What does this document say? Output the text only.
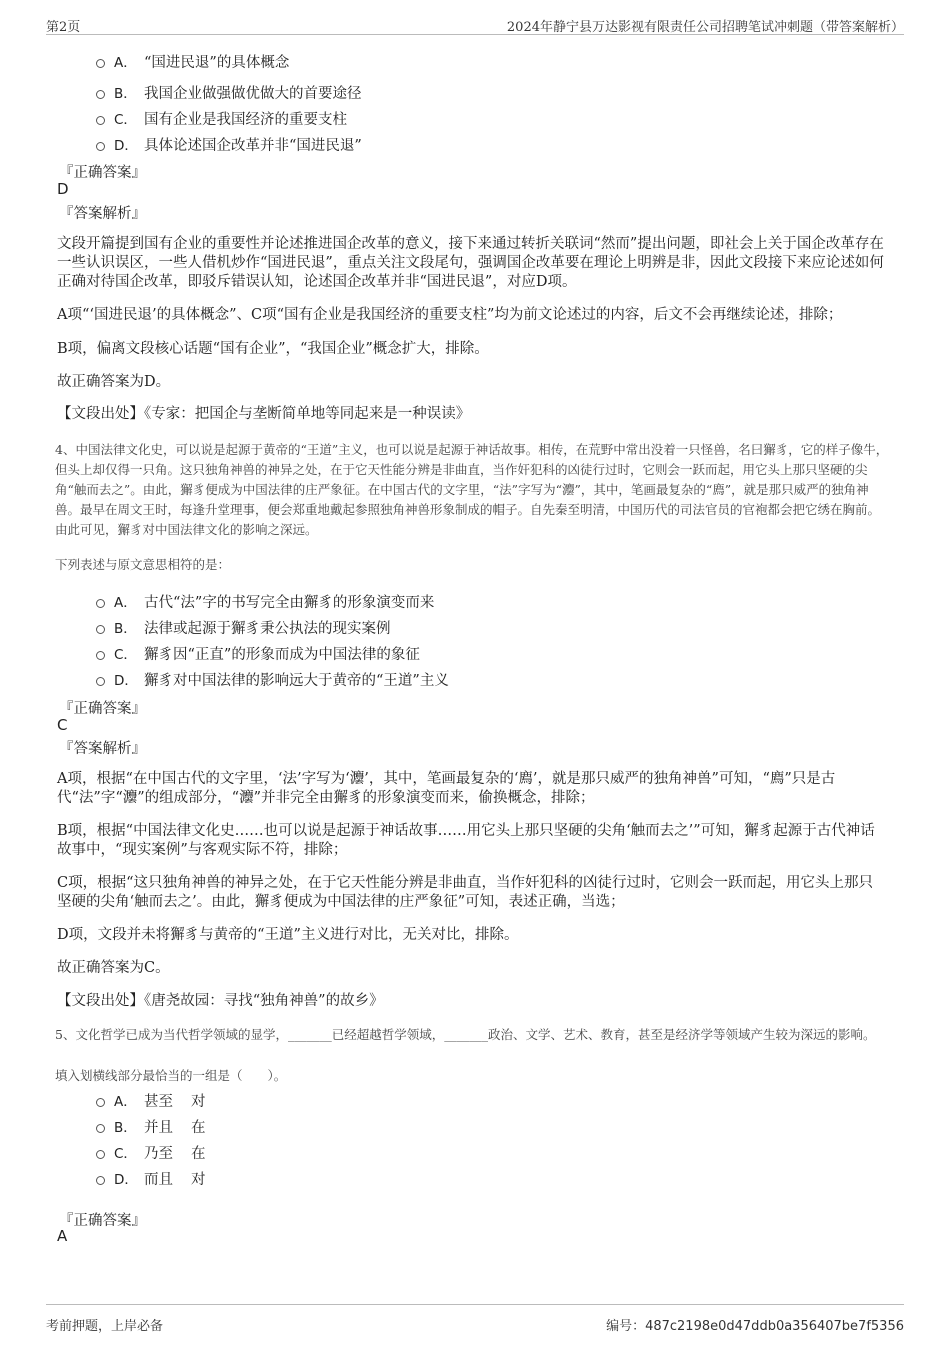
第2页	2024年静宁县万达影视有限责任公司招聘笔试冲刺题（带答案解析）
A． “国进民退”的具体概念
B． 我国企业做强做优做大的首要途径
C． 国有企业是我国经济的重要支柱
D． 具体论述国企改革并非“国进民退”
『正确答案』
D
『答案解析』
文段开篇提到国有企业的重要性并论述推进国企改革的意义，接下来通过转折关联词“然而”提出问题，即社会上关于国企改革存在一些认识误区，一些人借机炒作“国进民退”，重点关注文段尾句，强调国企改革要在理论上明辨是非，因此文段接下来应论述如何正确对待国企改革，即驳斥错误认知，论述国企改革并非“国进民退”，对应D项。
A项“‘国进民退’的具体概念”、C项“国有企业是我国经济的重要支柱”均为前文论述过的内容，后文不会再继续论述，排除；
B项，偏离文段核心话题“国有企业”，“我国企业”概念扩大，排除。
故正确答案为D。
【文段出处】《专家：把国企与垄断简单地等同起来是一种误读》
4、中国法律文化史，可以说是起源于黄帝的“王道”主义，也可以说是起源于神话故事。相传，在荒野中常出没着一只怪兽，名曰獬豸，它的样子像牛，但头上却仅得一只角。这只独角神兽的神异之处，在于它天性能分辨是非曲直，当作奸犯科的凶徒行过时，它则会一跃而起，用它头上那只坚硬的尖角“触而去之”。由此，獬豸便成为中国法律的庄严象征。在中国古代的文字里，“法”字写为“灋”，其中，笔画最复杂的“廌”，就是那只威严的独角神兽。最早在周文王时，每逢升堂理事，便会郑重地戴起参照独角神兽形象制成的帽子。自先秦至明清，中国历代的司法官员的官袍都会把它绣在胸前。由此可见，獬豸对中国法律文化的影响之深远。
下列表述与原文意思相符的是：
A． 古代“法”字的书写完全由獬豸的形象演变而来
B． 法律或起源于獬豸秉公执法的现实案例
C． 獬豸因“正直”的形象而成为中国法律的象征
D． 獬豸对中国法律的影响远大于黄帝的“王道”主义
『正确答案』
C
『答案解析』
A项，根据“在中国古代的文字里，‘法’字写为‘灋’，其中，笔画最复杂的‘廌’，就是那只威严的独角神兽”可知，“廌”只是古代“法”字“灋”的组成部分，“灋”并非完全由獬豸的形象演变而来，偷换概念，排除；
B项，根据“中国法律文化史……也可以说是起源于神话故事……用它头上那只坚硬的尖角‘触而去之’”可知，獬豸起源于古代神话故事中，“现实案例”与客观实际不符，排除；
C项，根据“这只独角神兽的神异之处，在于它天性能分辨是非曲直，当作奸犯科的凶徒行过时，它则会一跃而起，用它头上那只坚硬的尖角‘触而去之’。由此，獬豸便成为中国法律的庄严象征”可知，表述正确，当选；
D项，文段并未将獬豸与黄帝的“王道”主义进行对比，无关对比，排除。
故正确答案为C。
【文段出处】《唐尧故园：寻找“独角神兽”的故乡》
5、文化哲学已成为当代哲学领域的显学，_______已经超越哲学领域，_______政治、文学、艺术、教育，甚至是经济学等领域产生较为深远的影响。
填入划横线部分最恰当的一组是（　　）。
A． 甚至 对
B． 并且 在
C． 乃至 在
D． 而且 对
『正确答案』
A
考前押题，上岸必备	编号：487c2198e0d47ddb0a356407be7f5356
